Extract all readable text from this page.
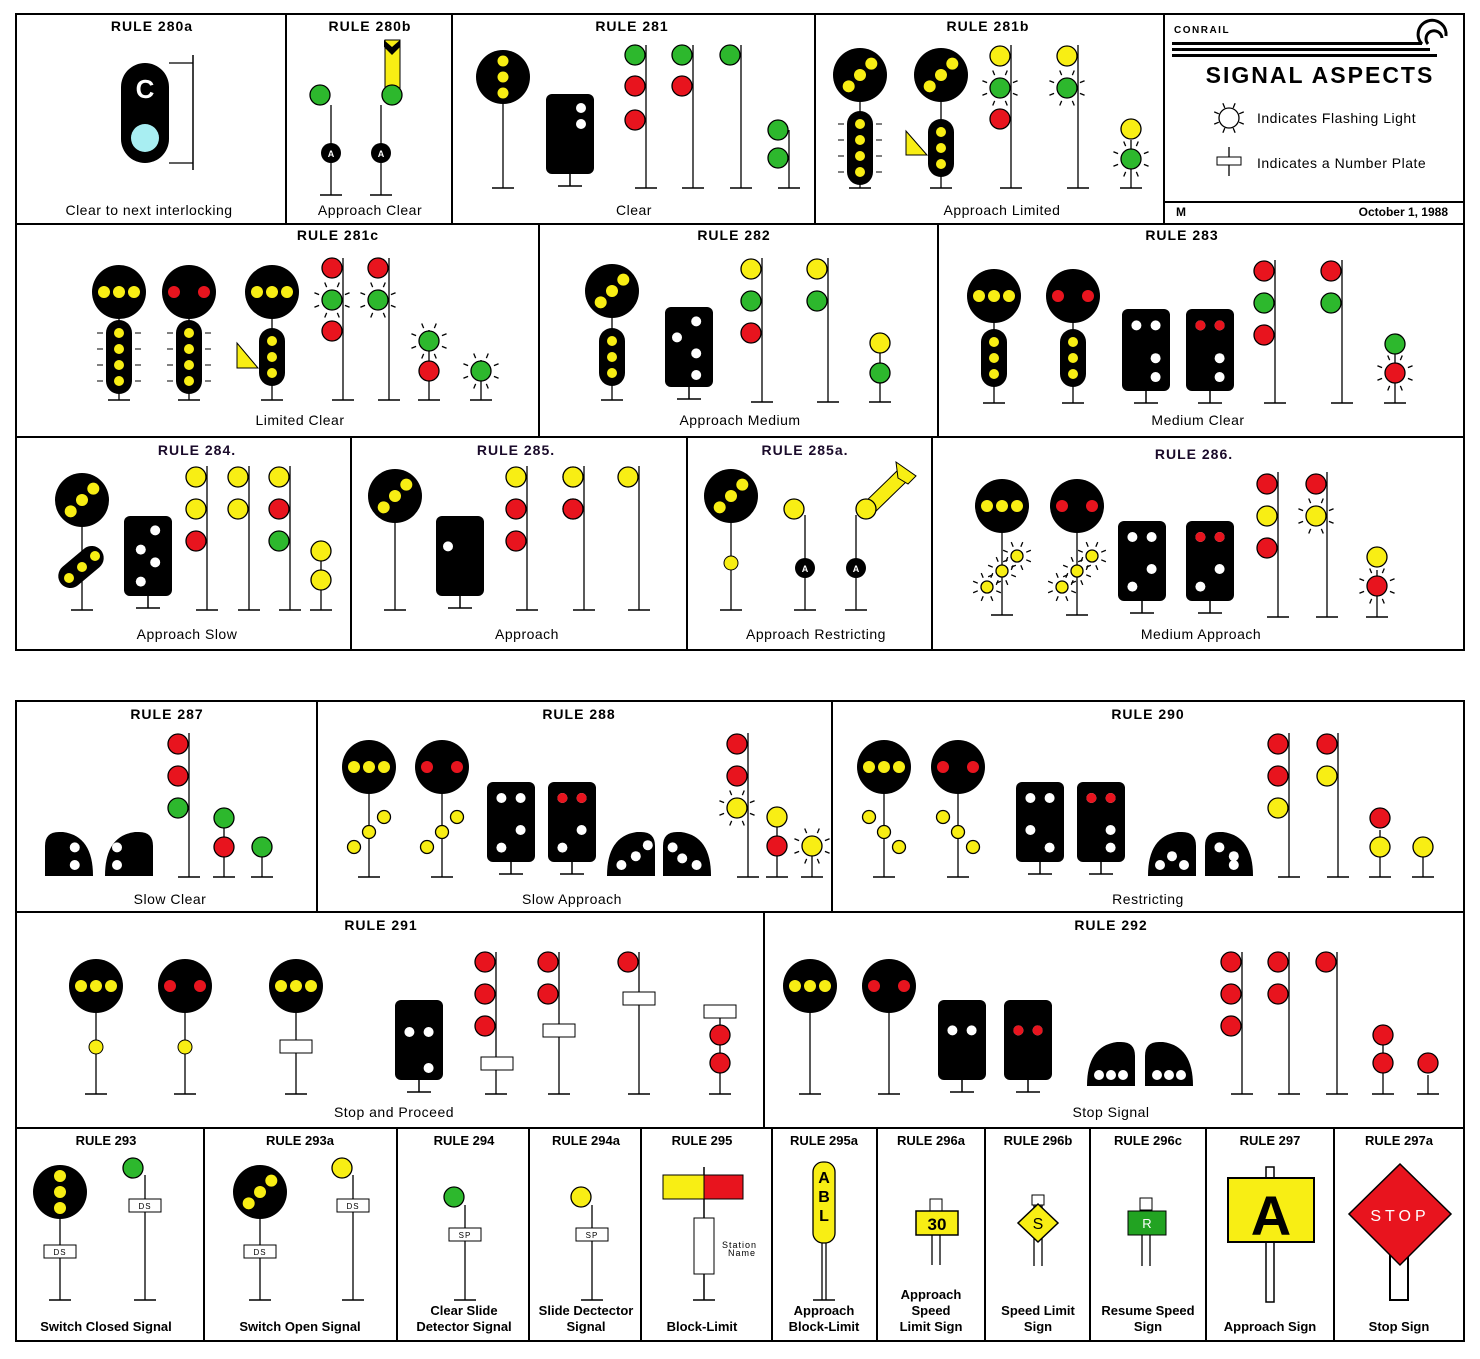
RULE 280a
Clear to next interlocking
RULE 280b
Approach Clear
RULE 281
Clear
RULE 281b
Approach Limited
RULE 281c
Limited Clear
RULE 282
Approach Medium
RULE 283
Medium Clear
RULE 284.
Approach Slow
RULE 285.
Approach
RULE 285a.
Approach Restricting
RULE 286.
Medium Approach
RULE 287
Slow Clear
RULE 288
Slow Approach
RULE 290
Restricting
RULE 291
Stop and Proceed
RULE 292
Stop Signal
RULE 293
Switch Closed Signal
RULE 293a
Switch Open Signal
RULE 294
Clear Slide
Detector Signal
RULE 294a
Slide Dectector
Signal
RULE 295
Block-Limit
RULE 295a
Approach
Block-Limit
RULE 296a
Approach
Speed
Limit Sign
RULE 296b
Speed Limit
Sign
RULE 296c
Resume Speed
Sign
RULE 297
Approach Sign
RULE 297a
Stop Sign
CONRAIL
SIGNAL ASPECTS
Indicates Flashing Light
Indicates a Number Plate
M	October 1, 1988
C
A	A
A	A
DS
DS
DS
DS
SP	SP
Station
Name
A
B
L	30	S	R A	STOP
